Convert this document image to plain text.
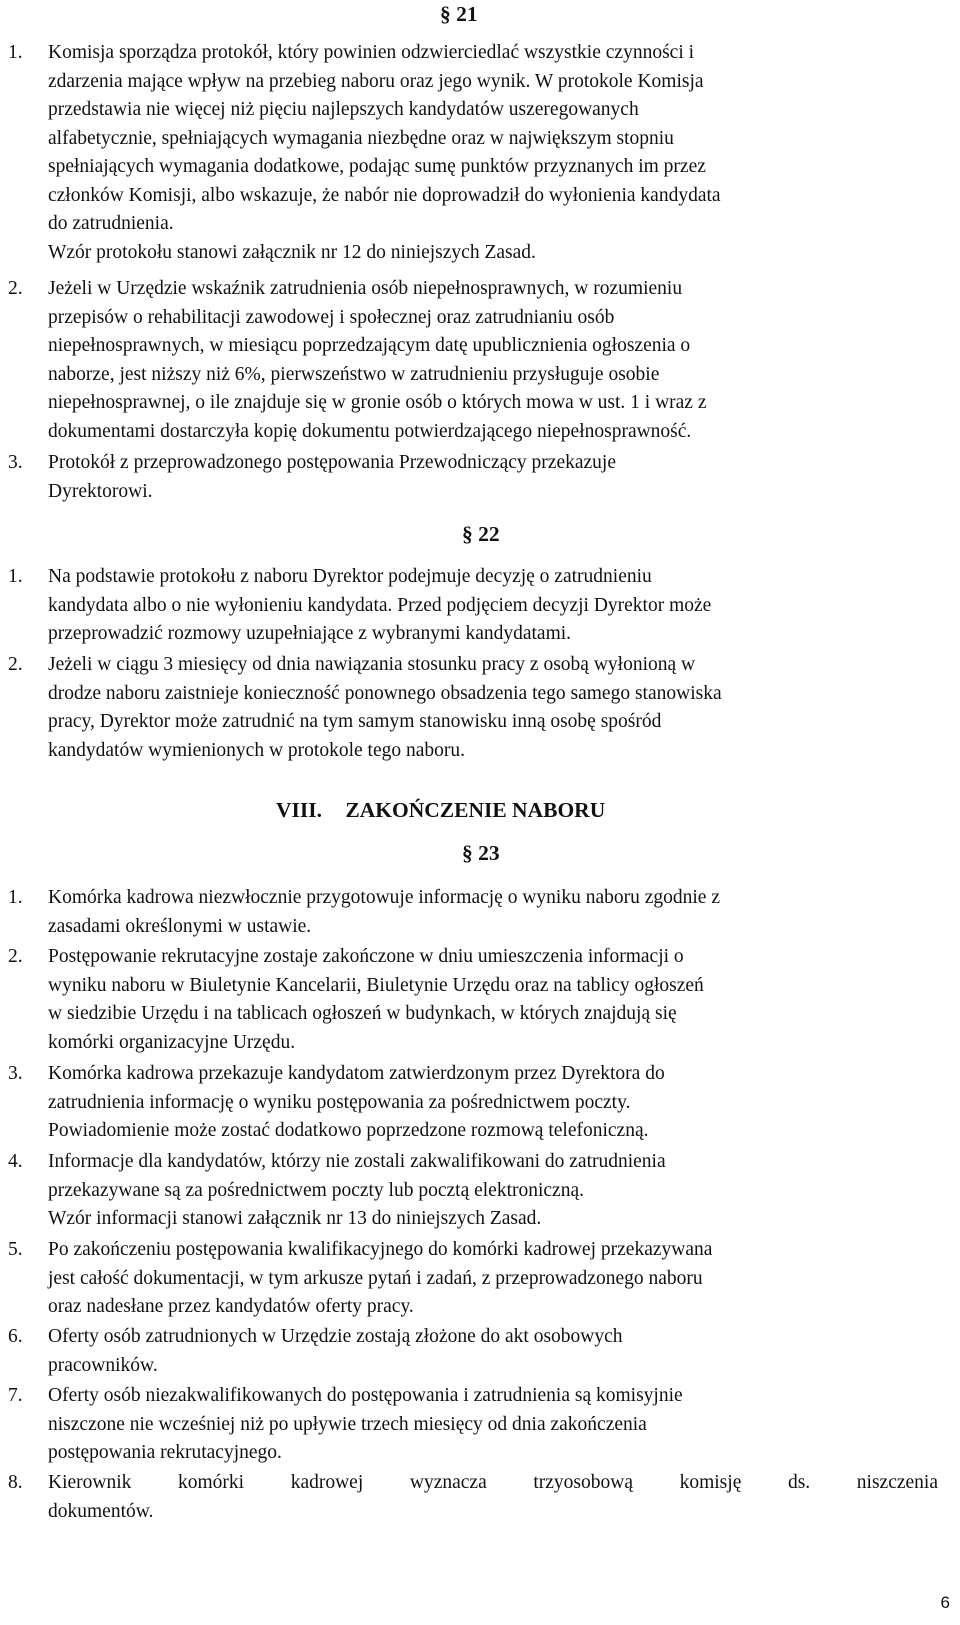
§ 21
1. Komisja sporządza protokół, który powinien odzwierciedlać wszystkie czynności i
zdarzenia mające wpływ na przebieg naboru oraz jego wynik. W protokole Komisja
przedstawia nie więcej niż pięciu najlepszych kandydatów uszeregowanych
alfabetycznie, spełniających wymagania niezbędne oraz w największym stopniu
spełniających wymagania dodatkowe, podając sumę punktów przyznanych im przez
członków Komisji, albo wskazuje, że nabór nie doprowadził do wyłonienia kandydata
do zatrudnienia.
Wzór protokołu stanowi załącznik nr 12 do niniejszych Zasad.
2. Jeżeli w Urzędzie wskaźnik zatrudnienia osób niepełnosprawnych, w rozumieniu
przepisów o rehabilitacji zawodowej i społecznej oraz zatrudnianiu osób
niepełnosprawnych, w miesiącu poprzedzającym datę upublicznienia ogłoszenia o
naborze, jest niższy niż 6%, pierwszeństwo w zatrudnieniu przysługuje osobie
niepełnosprawnej, o ile znajduje się w gronie osób o których mowa w ust. 1 i wraz z
dokumentami dostarczyła kopię dokumentu potwierdzającego niepełnosprawność.
3. Protokół z przeprowadzonego postępowania Przewodniczący przekazuje
Dyrektorowi.
§ 22
1. Na podstawie protokołu z naboru Dyrektor podejmuje decyzję o zatrudnieniu
kandydata albo o nie wyłonieniu kandydata. Przed podjęciem decyzji Dyrektor może
przeprowadzić rozmowy uzupełniające z wybranymi kandydatami.
2. Jeżeli w ciągu 3 miesięcy od dnia nawiązania stosunku pracy z osobą wyłonioną w
drodze naboru zaistnieje konieczność ponownego obsadzenia tego samego stanowiska
pracy, Dyrektor może zatrudnić na tym samym stanowisku inną osobę spośród
kandydatów wymienionych w protokole tego naboru.
VIII. ZAKOŃCZENIE NABORU
§ 23
1. Komórka kadrowa niezwłocznie przygotowuje informację o wyniku naboru zgodnie z
zasadami określonymi w ustawie.
2. Postępowanie rekrutacyjne zostaje zakończone w dniu umieszczenia informacji o
wyniku naboru w Biuletynie Kancelarii, Biuletynie Urzędu oraz na tablicy ogłoszeń
w siedzibie Urzędu i na tablicach ogłoszeń w budynkach, w których znajdują się
komórki organizacyjne Urzędu.
3. Komórka kadrowa przekazuje kandydatom zatwierdzonym przez Dyrektora do
zatrudnienia informację o wyniku postępowania za pośrednictwem poczty.
Powiadomienie może zostać dodatkowo poprzedzone rozmową telefoniczną.
4. Informacje dla kandydatów, którzy nie zostali zakwalifikowani do zatrudnienia
przekazywane są za pośrednictwem poczty lub pocztą elektroniczną.
Wzór informacji stanowi załącznik nr 13 do niniejszych Zasad.
5. Po zakończeniu postępowania kwalifikacyjnego do komórki kadrowej przekazywana
jest całość dokumentacji, w tym arkusze pytań i zadań, z przeprowadzonego naboru
oraz nadesłane przez kandydatów oferty pracy.
6. Oferty osób zatrudnionych w Urzędzie zostają złożone do akt osobowych
pracowników.
7. Oferty osób niezakwalifikowanych do postępowania i zatrudnienia są komisyjnie
niszczone nie wcześniej niż po upływie trzech miesięcy od dnia zakończenia
postępowania rekrutacyjnego.
8. Kierownik komórki kadrowej wyznacza trzyosobową komisję ds. niszczenia
dokumentów.
6
